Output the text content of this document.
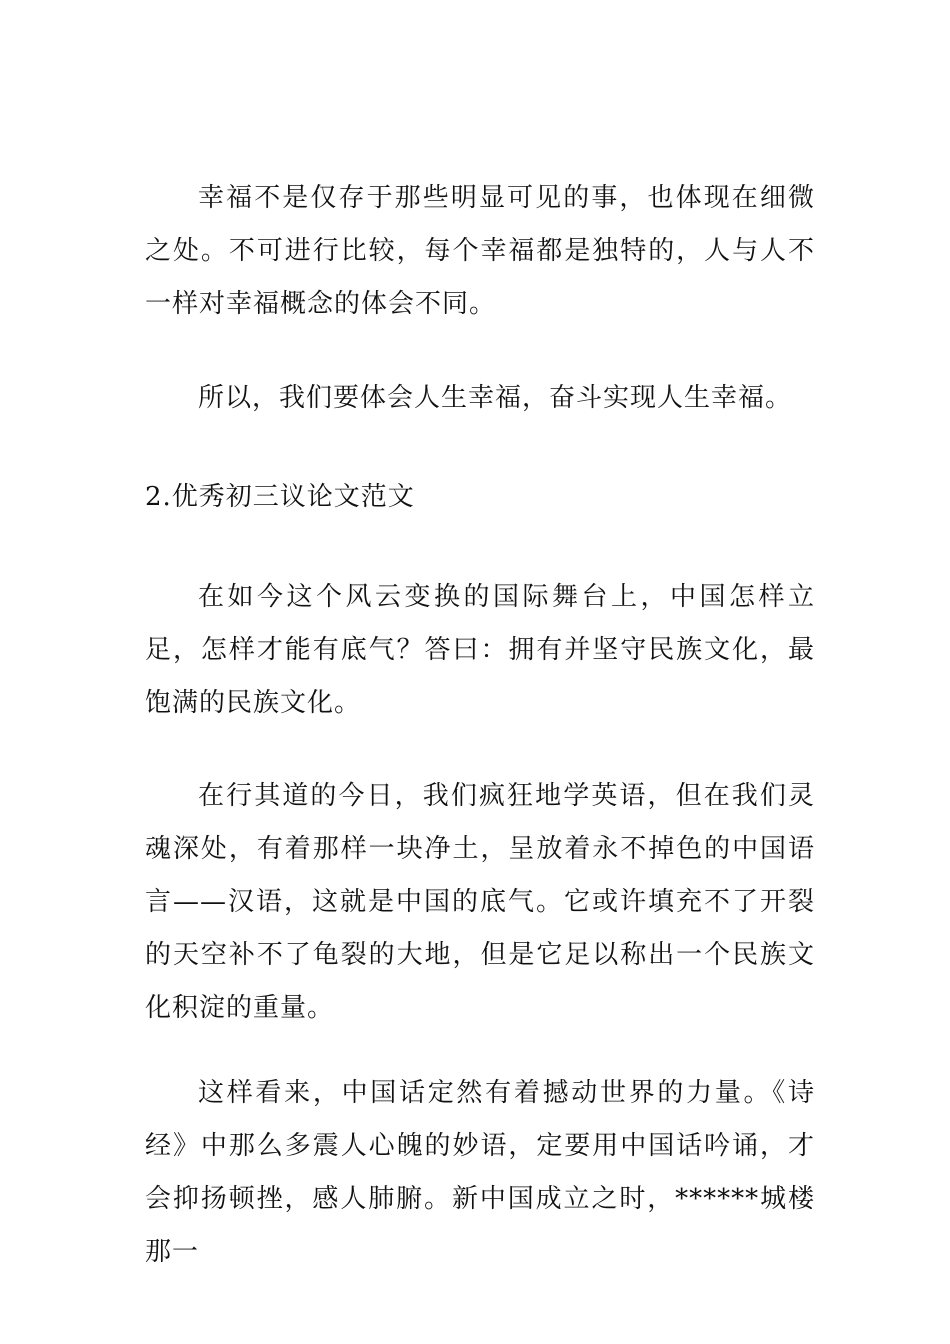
幸福不是仅存于那些明显可见的事，也体现在细微之处。不可进行比较，每个幸福都是独特的，人与人不一样对幸福概念的体会不同。

所以，我们要体会人生幸福，奋斗实现人生幸福。

2.优秀初三议论文范文

在如今这个风云变换的国际舞台上，中国怎样立足，怎样才能有底气？答曰：拥有并坚守民族文化，最饱满的民族文化。

在行其道的今日，我们疯狂地学英语，但在我们灵魂深处，有着那样一块净土，呈放着永不掉色的中国语言——汉语，这就是中国的底气。它或许填充不了开裂的天空补不了龟裂的大地，但是它足以称出一个民族文化积淀的重量。

这样看来，中国话定然有着撼动世界的力量。《诗经》中那么多震人心魄的妙语，定要用中国话吟诵，才会抑扬顿挫，感人肺腑。新中国成立之时，******城楼那一
